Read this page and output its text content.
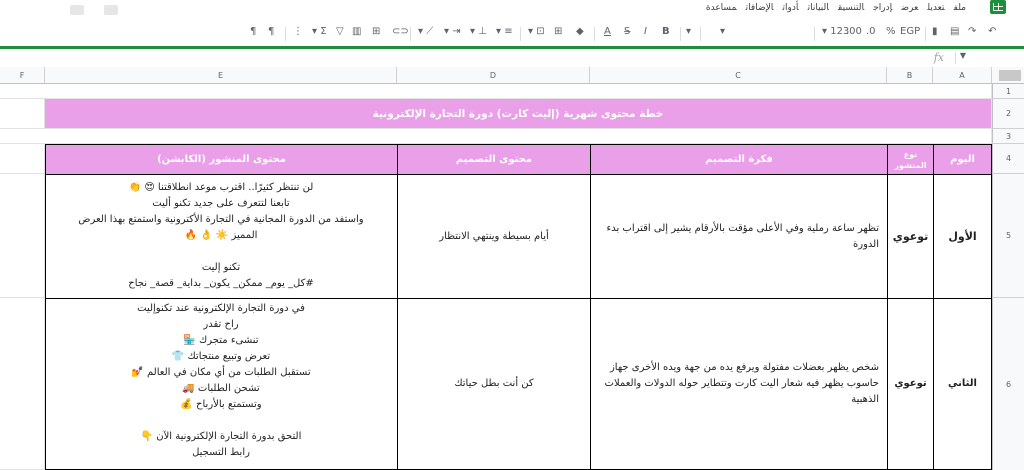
ملفتعديلعرضإدراجالتنسيقالبياناتأدواتالإضافاتمساعدة
¶ ¶ ⋮ ▾ Σ ▽ ▥ ⊞ ⊂⊃ ▾ ⟋ ▾ ⇥ ▾ ⊥ ▾ ≡ ▾ ⊡ ⊞ ◆ A S̶ I B ▾	▾	▾ 123
.00 .0 % EGP ▮ ▤ ↷ ↶
fx ▼
F	E	D	C	B	A
1
2
3
4
5
6
خطة محتوى شهرية (إليت كارت) دورة التجارة الإلكترونية
محتوى المنشور (الكابشن)	محتوى التصميم	فكرة التصميم	نوع المنشور	اليوم
لن تنتظر كثيرًا.. اقترب موعد انطلاقتنا 😍 👏
تابعنا لتتعرف على جديد تكنو أليت
واستفد من الدورة المجانية في التجارة الأكترونية واستمتع بهذا العرض
المميز ☀️ 👌 🔥
تكنو إليت
#كل_ يوم_ ممكن_ يكون_ بداية_ قصة_ نجاح
أيام بسيطة وينتهي الانتظار
تظهر ساعة رملية وفي الأعلى مؤقت بالأرقام يشير إلى اقتراب بدء الدورة
توعوي	الأول
في دورة التجارة الإلكترونية عند تكنوإليت
راح تقدر
تنشىء متجرك 🏪
تعرض وتبيع منتجاتك 👕
تستقبل الطلبات من أي مكان في العالم 💅
تشحن الطلبات 🚚
وتستمتع بالأرباح 💰
التحق بدورة التجارة الإلكترونية الآن 👇
رابط التسجيل
كن أنت بطل حياتك
شخص يظهر بعضلات مفتولة ويرفع يده من جهة ويده الأخرى جهاز حاسوب يظهر فيه شعار اليت كارت وتتطاير حوله الدولات والعملات الذهبية
توعوي	الثاني
